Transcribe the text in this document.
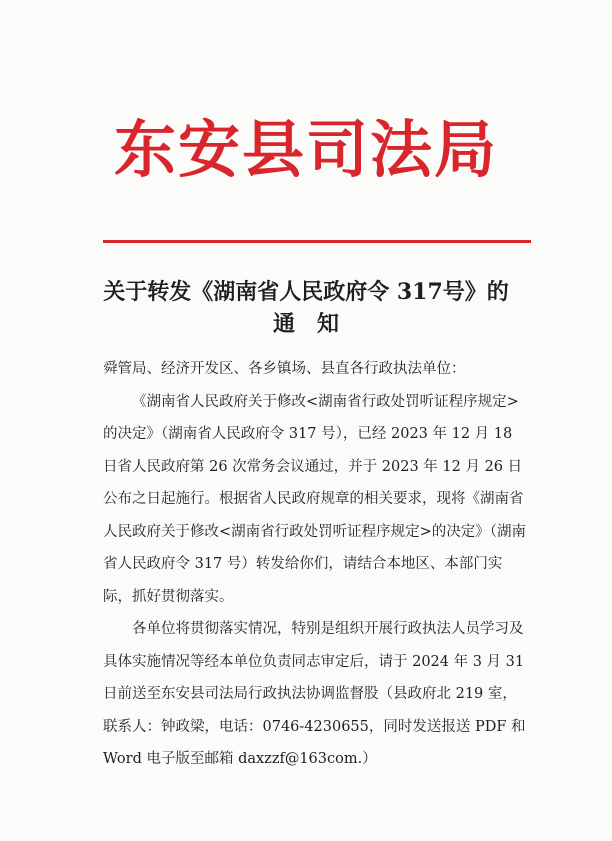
东安县司法局
关于转发《湖南省人民政府令 317号》的
通知

舜管局、经济开发区、各乡镇场、县直各行政执法单位：

《湖南省人民政府关于修改<湖南省行政处罚听证程序规定>的决定》（湖南省人民政府令 317 号），已经 2023 年 12 月 18 日省人民政府第 26 次常务会议通过，并于 2023 年 12 月 26 日公布之日起施行。根据省人民政府规章的相关要求，现将《湖南省人民政府关于修改<湖南省行政处罚听证程序规定>的决定》（湖南省人民政府令 317 号）转发给你们，请结合本地区、本部门实际，抓好贯彻落实。

各单位将贯彻落实情况，特别是组织开展行政执法人员学习及具体实施情况等经本单位负责同志审定后，请于 2024 年 3 月 31 日前送至东安县司法局行政执法协调监督股（县政府北 219 室，联系人：钟政梁，电话：0746-4230655，同时发送报送 PDF 和 Word 电子版至邮箱 daxzzf@163com.）
